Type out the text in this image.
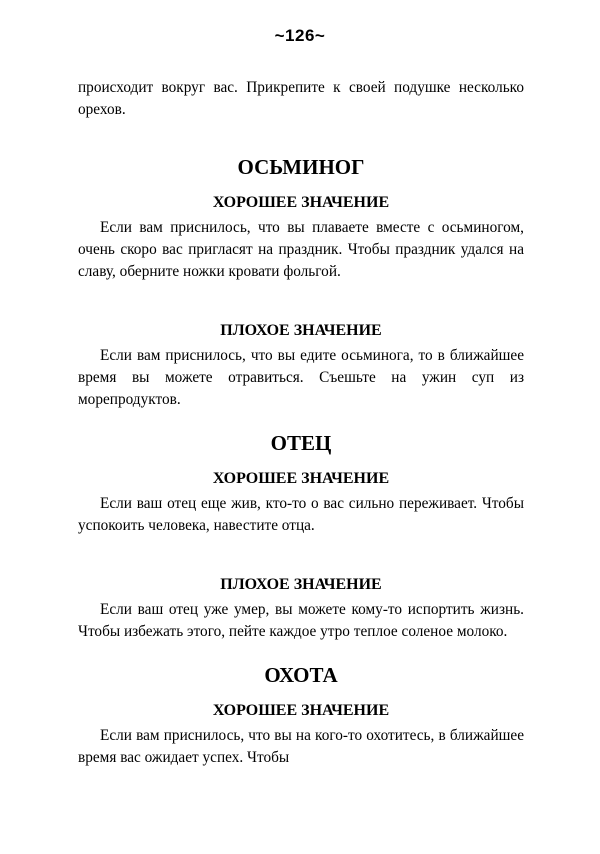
~126~

происходит вокруг вас. Прикрепите к своей подушке несколько орехов.

ОСЬМИНОГ
ХОРОШЕЕ ЗНАЧЕНИЕ

Если вам приснилось, что вы плаваете вместе с осьминогом, очень скоро вас пригласят на праздник. Чтобы праздник удался на славу, оберните ножки кровати фольгой.

ПЛОХОЕ ЗНАЧЕНИЕ

Если вам приснилось, что вы едите осьминога, то в ближайшее время вы можете отравиться. Съешьте на ужин суп из морепродуктов.

ОТЕЦ
ХОРОШЕЕ ЗНАЧЕНИЕ

Если ваш отец еще жив, кто-то о вас сильно переживает. Чтобы успокоить человека, навестите отца.

ПЛОХОЕ ЗНАЧЕНИЕ

Если ваш отец уже умер, вы можете кому-то испортить жизнь. Чтобы избежать этого, пейте каждое утро теплое соленое молоко.

ОХОТА
ХОРОШЕЕ ЗНАЧЕНИЕ

Если вам приснилось, что вы на кого-то охотитесь, в ближайшее время вас ожидает успех. Чтобы
